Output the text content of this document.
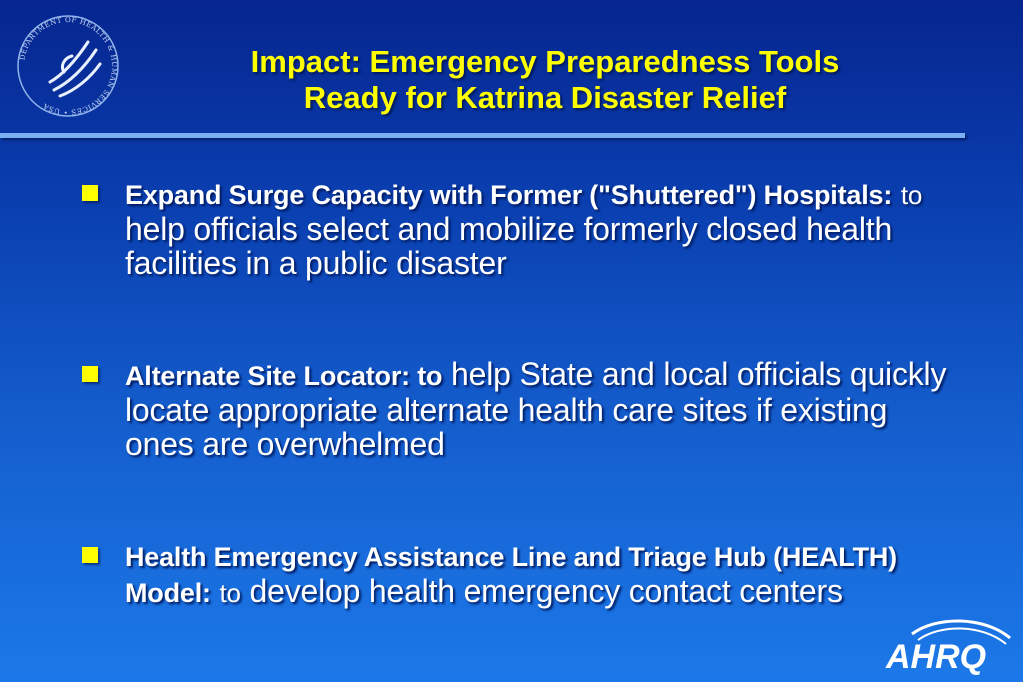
DEPARTMENT OF HEALTH & HUMAN SERVICES • USA
Impact: Emergency Preparedness Tools
Ready for Katrina Disaster Relief
Expand Surge Capacity with Former ("Shuttered") Hospitals: to help officials select and mobilize formerly closed health facilities in a public disaster
Alternate Site Locator: to help State and local officials quickly locate appropriate alternate health care sites if existing ones are overwhelmed
Health Emergency Assistance Line and Triage Hub (HEALTH) Model: to develop health emergency contact centers
AHRQ
